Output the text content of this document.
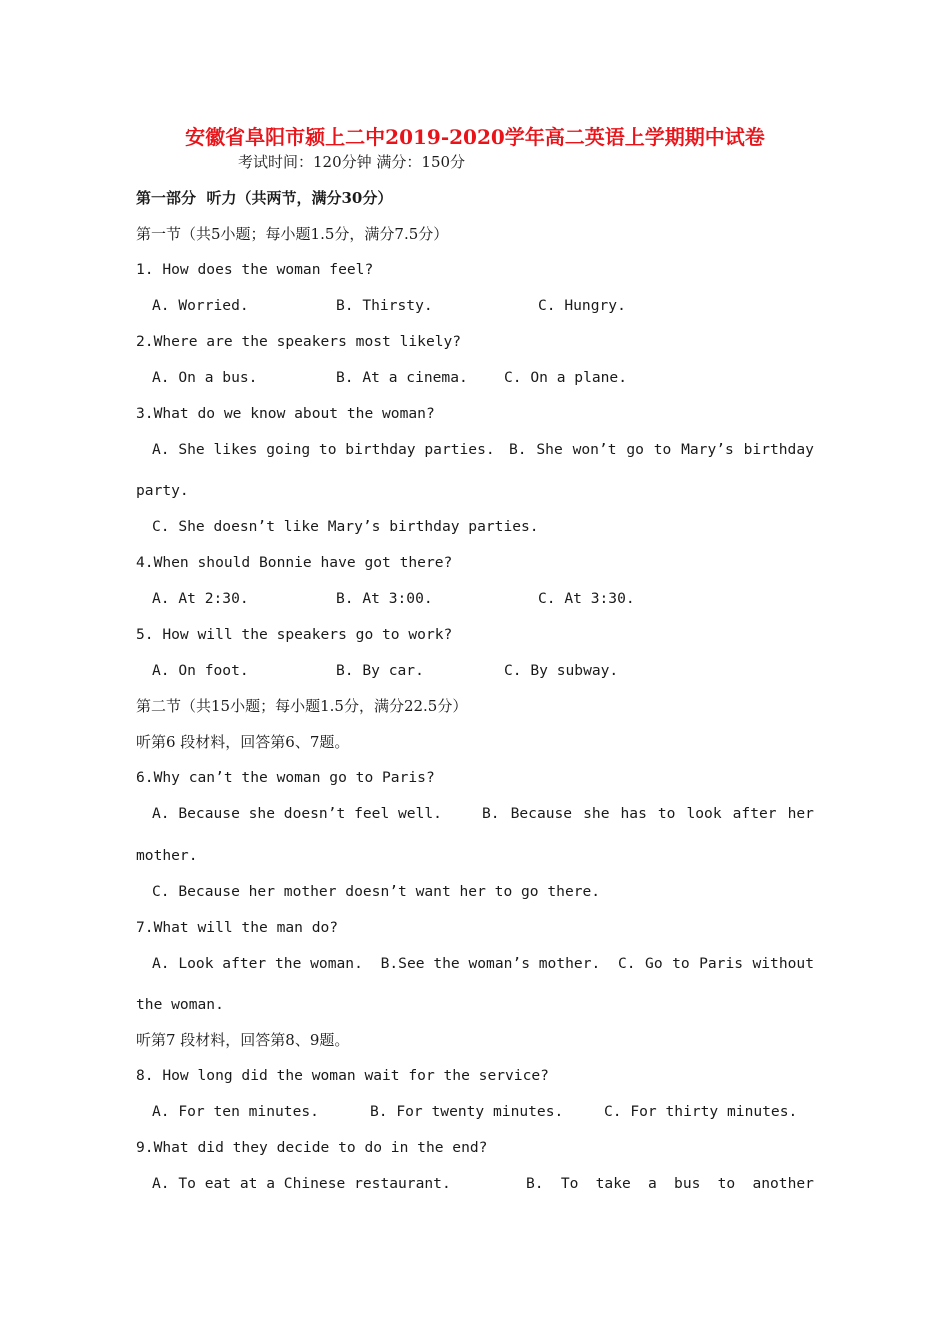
安徽省阜阳市颍上二中2019-2020学年高二英语上学期期中试卷
考试时间：120分钟 满分：150分
第一部分  听力（共两节，满分30分）
第一节（共5小题；每小题1.5分，满分7.5分）
1. How does the woman feel?
A. Worried.	B. Thirsty.	C. Hungry.
2.Where are the speakers most likely?
A. On a bus.	B. At a cinema. C. On a plane.
3.What do we know about the woman?
A. She likes going to birthday parties. B. She won’t go to Mary’s birthday
party.
C. She doesn’t like Mary’s birthday parties.
4.When should Bonnie have got there?
A. At 2:30.	B. At 3:00.	C. At 3:30.
5. How will the speakers go to work?
A. On foot.	B. By car.	C. By subway.
第二节（共15小题；每小题1.5分，满分22.5分）
听第6 段材料，回答第6、7题。
6.Why can’t the woman go to Paris?
A. Because she doesn’t feel well.	B. Because she has to look after her
mother.
C. Because her mother doesn’t want her to go there.
7.What will the man do?
A. Look after the woman. B.See the woman’s mother. C. Go to Paris without
the woman.
听第7 段材料，回答第8、9题。
8. How long did the woman wait for the service?
A. For ten minutes.	B. For twenty minutes.	C. For thirty minutes.
9.What did they decide to do in the end?
A. To eat at a Chinese restaurant.	B. To take a bus to another
